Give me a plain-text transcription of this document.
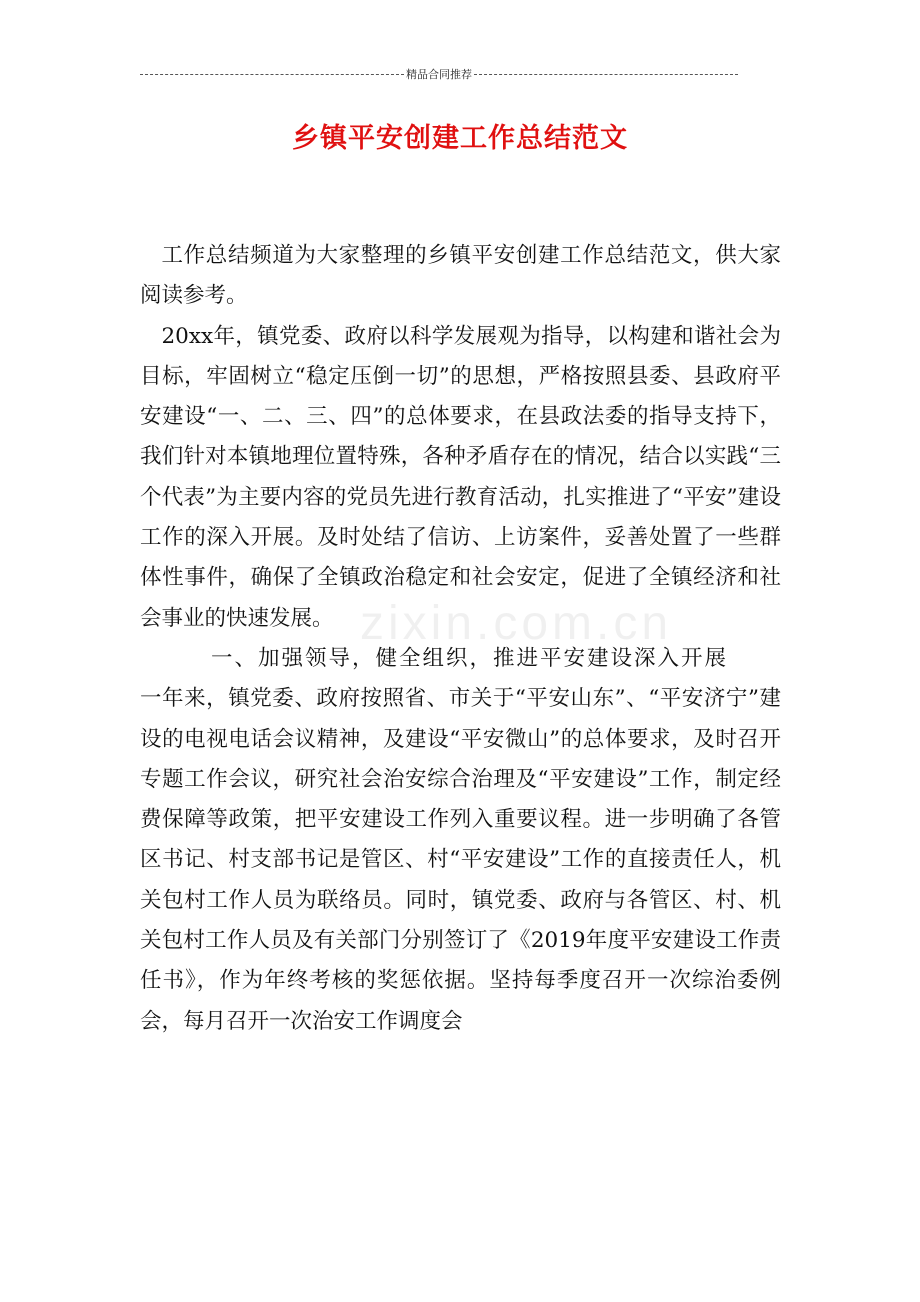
精品合同推荐
乡镇平安创建工作总结范文
zixin.com.cn

工作总结频道为大家整理的乡镇平安创建工作总结范文，供大家阅读参考。

20xx年，镇党委、政府以科学发展观为指导，以构建和谐社会为目标，牢固树立“稳定压倒一切”的思想，严格按照县委、县政府平安建设“一、二、三、四”的总体要求，在县政法委的指导支持下，我们针对本镇地理位置特殊，各种矛盾存在的情况，结合以实践“三个代表”为主要内容的党员先进行教育活动，扎实推进了“平安”建设工作的深入开展。及时处结了信访、上访案件，妥善处置了一些群体性事件，确保了全镇政治稳定和社会安定，促进了全镇经济和社会事业的快速发展。

一、加强领导，健全组织，推进平安建设深入开展

一年来，镇党委、政府按照省、市关于“平安山东”、“平安济宁”建设的电视电话会议精神，及建设“平安微山”的总体要求，及时召开专题工作会议，研究社会治安综合治理及“平安建设”工作，制定经费保障等政策，把平安建设工作列入重要议程。进一步明确了各管区书记、村支部书记是管区、村“平安建设”工作的直接责任人，机关包村工作人员为联络员。同时，镇党委、政府与各管区、村、机关包村工作人员及有关部门分别签订了《2019年度平安建设工作责任书》，作为年终考核的奖惩依据。坚持每季度召开一次综治委例会，每月召开一次治安工作调度会
